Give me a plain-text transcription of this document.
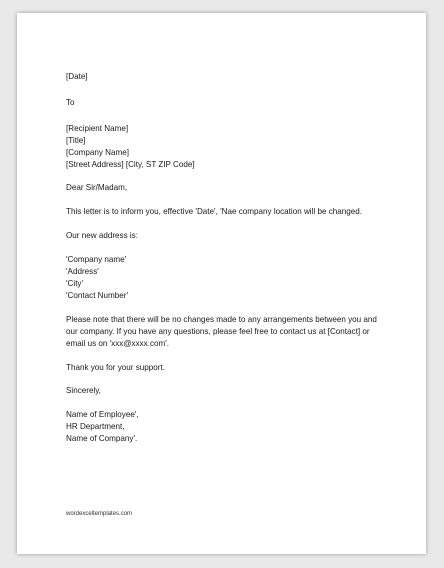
[Date]
To
[Recipient Name]
[Title]
[Company Name]
[Street Address] [City, ST ZIP Code]
Dear Sir/Madam,
This letter is to inform you, effective 'Date', 'Nae company location will be changed.
Our new address is:
'Company name'
'Address'
'City'
'Contact Number'
Please note that there will be no changes made to any arrangements between you and
our company. If you have any questions, please feel free to contact us at [Contact] or
email us on 'xxx@xxxx.com'.
Thank you for your support.
Sincerely,
Name of Employee',
HR Department,
Name of Company'.
wordexceltemplates.com
